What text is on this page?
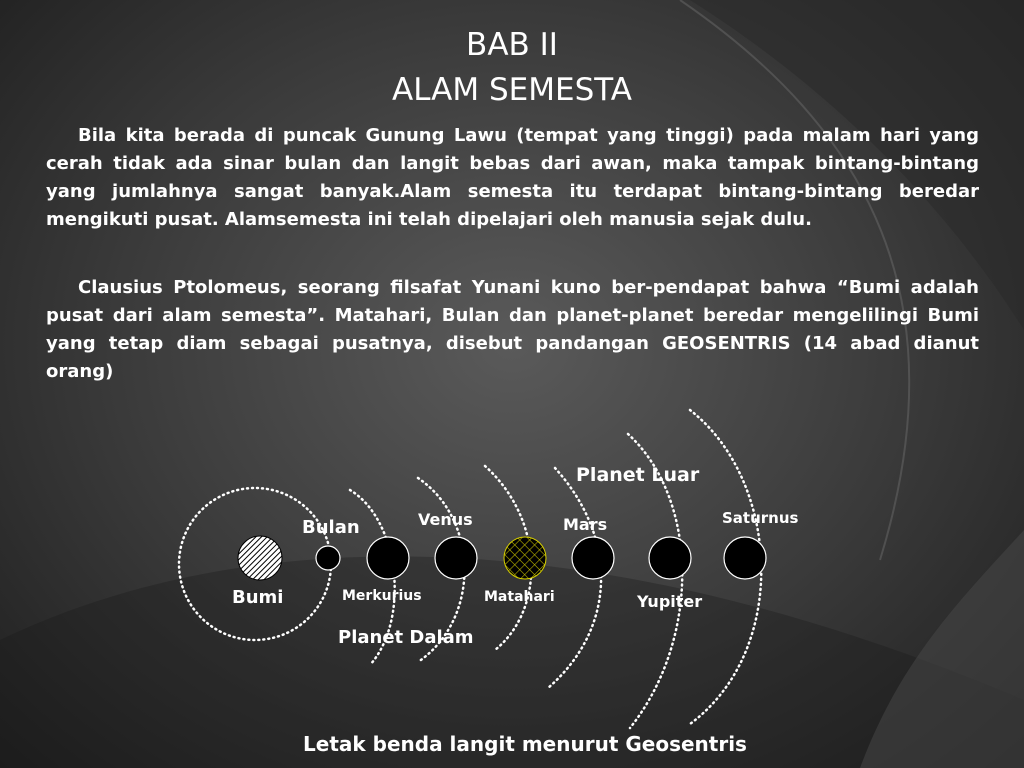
BAB II
ALAM SEMESTA
Bila kita berada di puncak Gunung Lawu (tempat yang tinggi) pada malam hari yang cerah tidak ada sinar bulan dan langit bebas dari awan, maka tampak bintang-bintang yang jumlahnya sangat banyak.Alam semesta itu terdapat bintang-bintang beredar mengikuti pusat. Alamsemesta ini telah dipelajari oleh manusia sejak dulu.
Clausius Ptolomeus, seorang filsafat Yunani kuno ber-pendapat bahwa “Bumi adalah pusat dari alam semesta”. Matahari, Bulan dan planet-planet beredar mengelilingi Bumi yang tetap diam sebagai pusatnya, disebut pandangan GEOSENTRIS (14 abad dianut orang)
Planet Luar
Bulan	Venus	Mars	Saturnus
Bumi	Merkurius	Matahari	Yupiter
Planet Dalam
Letak benda langit menurut Geosentris
